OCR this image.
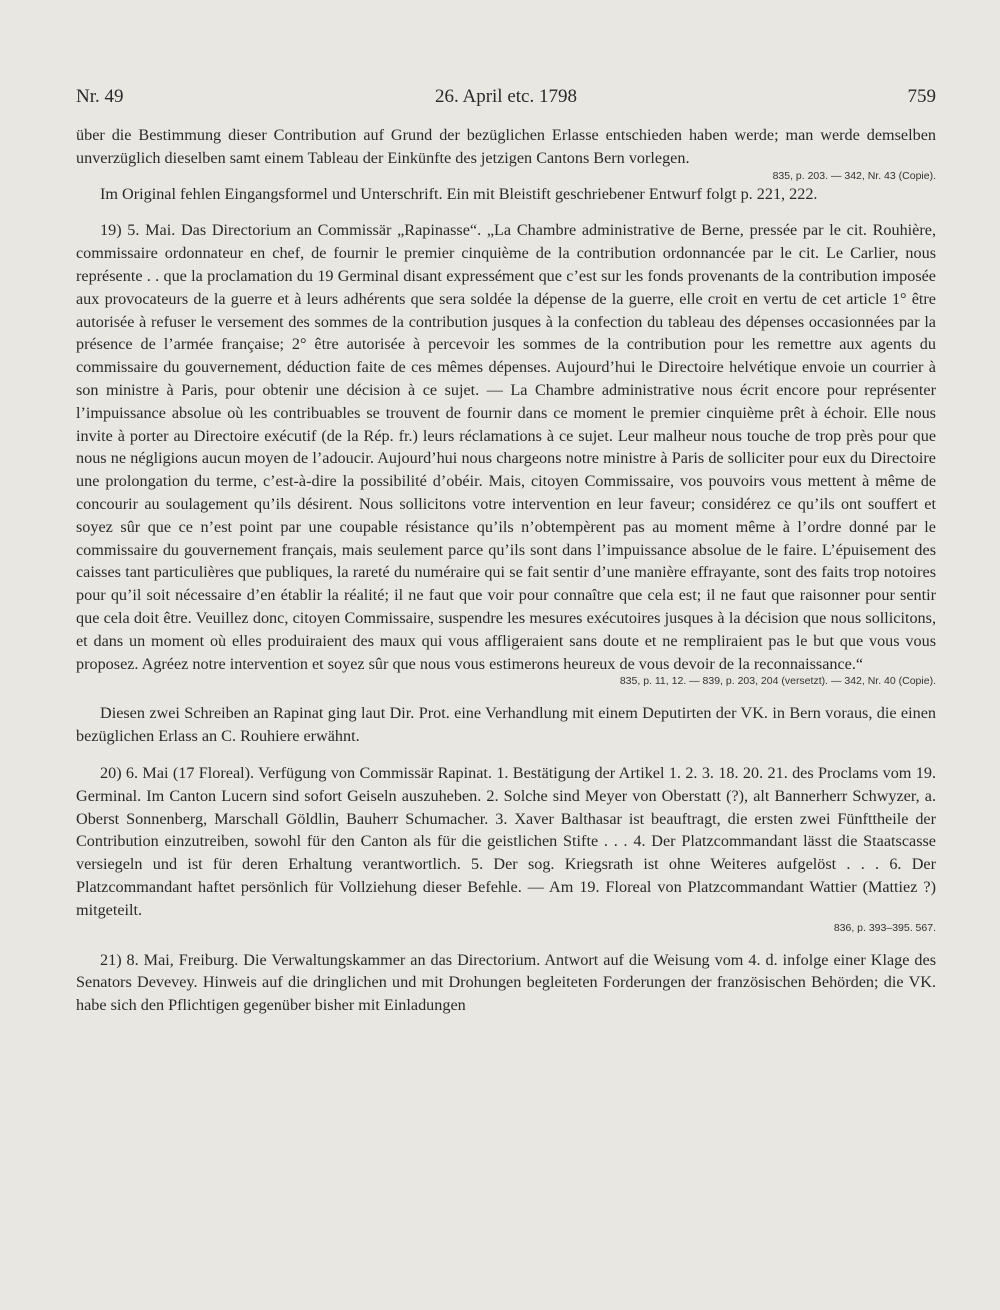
Nr. 49	26. April etc. 1798	759

über die Bestimmung dieser Contribution auf Grund der bezüglichen Erlasse entschieden haben werde; man werde demselben unverzüglich dieselben samt einem Tableau der Einkünfte des jetzigen Cantons Bern vorlegen.

835, p. 203. — 342, Nr. 43 (Copie).

Im Original fehlen Eingangsformel und Unterschrift. Ein mit Bleistift geschriebener Entwurf folgt p. 221, 222.

19) 5. Mai. Das Directorium an Commissär „Rapinasse“. „La Chambre administrative de Berne, pressée par le cit. Rouhière, commissaire ordonnateur en chef, de fournir le premier cinquième de la contribution ordonnancée par le cit. Le Carlier, nous représente . . que la proclamation du 19 Germinal disant expressément que c’est sur les fonds provenants de la contribution imposée aux provocateurs de la guerre et à leurs adhérents que sera soldée la dépense de la guerre, elle croit en vertu de cet article 1° être autorisée à refuser le versement des sommes de la contribution jusques à la confection du tableau des dépenses occasionnées par la présence de l’armée française; 2° être autorisée à percevoir les sommes de la contribution pour les remettre aux agents du commissaire du gouvernement, déduction faite de ces mêmes dépenses. Aujourd’hui le Directoire helvétique envoie un courrier à son ministre à Paris, pour obtenir une décision à ce sujet. — La Chambre administrative nous écrit encore pour représenter l’impuissance absolue où les contribuables se trouvent de fournir dans ce moment le premier cinquième prêt à échoir. Elle nous invite à porter au Directoire exécutif (de la Rép. fr.) leurs réclamations à ce sujet. Leur malheur nous touche de trop près pour que nous ne négligions aucun moyen de l’adoucir. Aujourd’hui nous chargeons notre ministre à Paris de solliciter pour eux du Directoire une prolongation du terme, c’est-à-dire la possibilité d’obéir. Mais, citoyen Commissaire, vos pouvoirs vous mettent à même de concourir au soulagement qu’ils désirent. Nous sollicitons votre intervention en leur faveur; considérez ce qu’ils ont souffert et soyez sûr que ce n’est point par une coupable résistance qu’ils n’obtempèrent pas au moment même à l’ordre donné par le commissaire du gouvernement français, mais seulement parce qu’ils sont dans l’impuissance absolue de le faire. L’épuisement des caisses tant particulières que publiques, la rareté du numéraire qui se fait sentir d’une manière effrayante, sont des faits trop notoires pour qu’il soit nécessaire d’en établir la réalité; il ne faut que voir pour connaître que cela est; il ne faut que raisonner pour sentir que cela doit être. Veuillez donc, citoyen Commissaire, suspendre les mesures exécutoires jusques à la décision que nous sollicitons, et dans un moment où elles produiraient des maux qui vous affligeraient sans doute et ne rempliraient pas le but que vous vous proposez. Agréez notre intervention et soyez sûr que nous vous estimerons heureux de vous devoir de la reconnaissance.“

835, p. 11, 12. — 839, p. 203, 204 (versetzt). — 342, Nr. 40 (Copie).

Diesen zwei Schreiben an Rapinat ging laut Dir. Prot. eine Verhandlung mit einem Deputirten der VK. in Bern voraus, die einen bezüglichen Erlass an C. Rouhiere erwähnt.

20) 6. Mai (17 Floreal). Verfügung von Commissär Rapinat. 1. Bestätigung der Artikel 1. 2. 3. 18. 20. 21. des Proclams vom 19. Germinal. Im Canton Lucern sind sofort Geiseln auszuheben. 2. Solche sind Meyer von Oberstatt (?), alt Bannerherr Schwyzer, a. Oberst Sonnenberg, Marschall Göldlin, Bauherr Schumacher. 3. Xaver Balthasar ist beauftragt, die ersten zwei Fünfttheile der Contribution einzutreiben, sowohl für den Canton als für die geistlichen Stifte . . . 4. Der Platzcommandant lässt die Staatscasse versiegeln und ist für deren Erhaltung verantwortlich. 5. Der sog. Kriegsrath ist ohne Weiteres aufgelöst . . . 6. Der Platzcommandant haftet persönlich für Vollziehung dieser Befehle. — Am 19. Floreal von Platzcommandant Wattier (Mattiez ?) mitgeteilt.

836, p. 393–395. 567.

21) 8. Mai, Freiburg. Die Verwaltungskammer an das Directorium. Antwort auf die Weisung vom 4. d. infolge einer Klage des Senators Devevey. Hinweis auf die dringlichen und mit Drohungen begleiteten Forderungen der französischen Behörden; die VK. habe sich den Pflichtigen gegenüber bisher mit Einladungen
